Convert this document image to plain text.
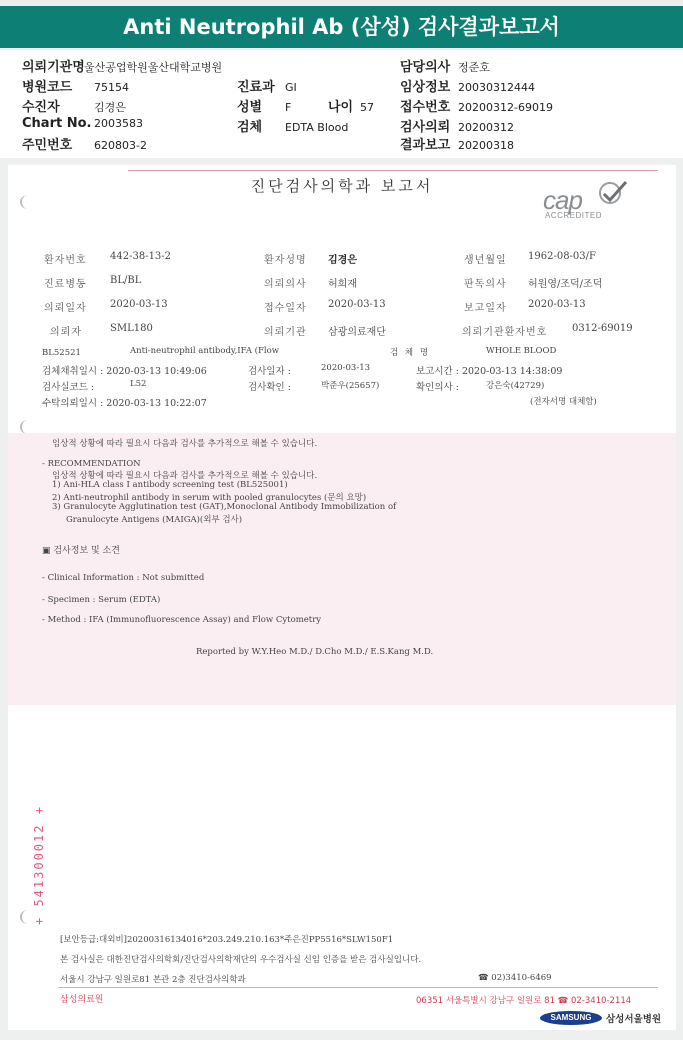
Anti Neutrophil Ab (삼성) 검사결과보고서
의뢰기관명울산공업학원울산대학교병원	담당의사 정준호
병원코드 75154	진료과 GI	임상정보 20030312444
수진자	김경은	성별 F	나이 57 접수번호 20200312-69019
Chart No. 2003583	검체 EDTA Blood	검사의뢰 20200312
주민번호 620803-2	결과보고 20200318
진단검사의학과 보고서	cap
ACCREDITED
환자번호 442-38-13-2	환자성명 김경은	생년월일 1962-08-03/F
진료병동 BL/BL	의뢰의사 허희재	판독의사 허원영/조덕/조덕
의뢰일자 2020-03-13	접수일자 2020-03-13	보고일자 2020-03-13
의뢰자	SML180	의뢰기관 삼광의료재단	의뢰기관환자번호 0312-69019
BL52521	Anti-neutrophil antibody,IFA (Flow	검 체 명	WHOLE BLOOD
검체채취일시 : 2020-03-13 10:49:06	검사일자 :	2020-03-13	보고시간 : 2020-03-13 14:38:09
검사실코드 :	L52	검사확인 :	박준우(25657)	확인의사 :	강은숙(42729)
수탁의뢰일시 : 2020-03-13 10:22:07	(전자서명 대체함)
임상적 상황에 따라 필요시 다음과 검사를 추가적으로 해볼 수 있습니다.
- RECOMMENDATION
임상적 상황에 따라 필요시 다음과 검사를 추가적으로 해볼 수 있습니다.
1) Ani-HLA class I antibody screening test (BL525001)
2) Anti-neutrophil antibody in serum with pooled granulocytes (문의 요망)
3) Granulocyte Agglutination test (GAT),Monoclonal Antibody Immobilization of
Granulocyte Antigens (MAIGA)(외부 검사)
▣ 검사정보 및 소견
- Clinical Information : Not submitted
- Specimen : Serum (EDTA)
- Method : IFA (Immunofluorescence Assay) and Flow Cytometry
Reported by W.Y.Heo M.D./ D.Cho M.D./ E.S.Kang M.D.
+ 541300012 +
[보안등급:대외비]20200316134016*203.249.210.163*주은진PP5516*SLW150F1
본 검사실은 대한진단검사의학회/진단검사의학재단의 우수검사실 신임 인증을 받은 검사실입니다.
서울시 강남구 일원로81 본관 2층 진단검사의학과	☎ 02)3410-6469
삼성의료원	06351 서울특별시 강남구 일원로 81 ☎ 02-3410-2114
SAMSUNG	삼성서울병원
